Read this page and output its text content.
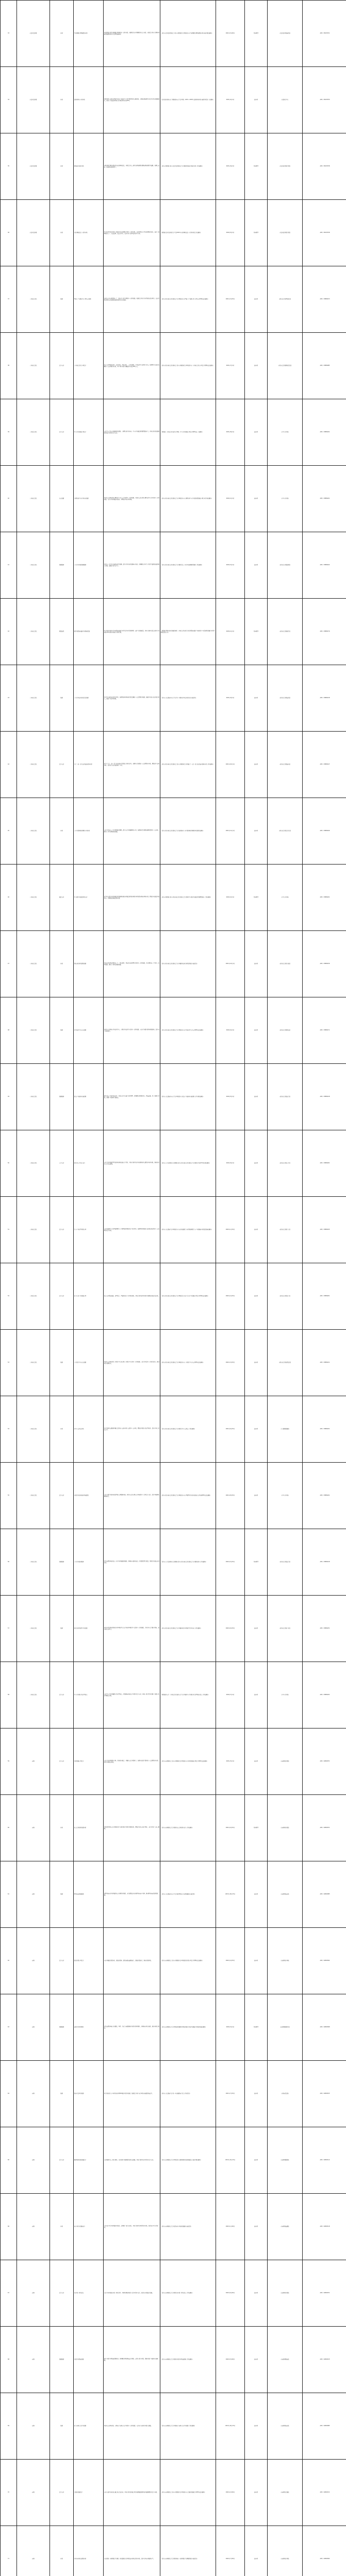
33	市农业农村委	补贴	生猪规模养殖场建设补助	对新建改扩建生猪规模养殖场给予一次性补助，按照设计存栏规模给予每头补助，补助资金用于养殖场基础设施建设和粪污处理设施购置。	《重庆市农业农村委员会 重庆市财政局关于印发重庆市生猪规模养殖场建设补助实施方案的通知》	2021年5月20日	免申即享	市农业农村委畜牧处	（023）89133721
34	市农业农村委	补贴	农机购置与应用补贴	对购置列入补贴范围机具的农户和农业生产经营组织给予定额补贴，补贴标准按照当年机具分档补贴额执行，原则上不超过同类机具市场销售均价的30%。	《农业农村部办公厅 财政部办公厅关于印发〈2021—2023年农机购置补贴实施指导意见〉的通知》	2021年4月1日	依申请	市农机化中心	（023）89133750
35	市农业农村委	补贴	耕地地力保护补贴	补贴对象为拥有耕地承包权的种地农民，补贴资金以二轮承包耕地面积或确权耕地面积为依据，按照每亩统一标准直接发放到户。	《重庆市财政局 重庆市农业农村委员会关于做好耕地地力保护补贴工作的通知》	2021年6月1日	免申即享	市农业农村委计财处	（023）89133728
36	市农业农村委	补贴	实际种粮农民一次性补贴	对实际承担农资价格上涨成本的实际种粮者给予一次性补贴，包括利用自有承包地种粮的农民，流转土地种粮的大户、家庭农场、农民合作社、农业企业等新型农业经营主体。	《财政部 农业农村部关于下达2022年实际种粮农民一次性补贴资金的通知》	2022年5月1日	免申即享	市农业农村委计财处	（023）89133728
37	工业和信息化	奖励	智能工厂和数字化车间认定奖励	对新认定的市级智能工厂、数字化车间分别给予一次性奖励，奖励资金用于企业智能化改造项目，已获得国家级认定的按照就高原则给予补足奖励。	《重庆市经济和信息化委员会关于印发重庆市智能工厂和数字化车间认定管理办法的通知》	2021年3月15日	依申请	市经济信息委智能化处	（023）63899153
38	工业和信息化	资金支持	工业和信息化专项资金	重点支持智能化改造、技术改造、绿色制造、工业互联网、企业技术中心建设等方向，按照项目实际投资额的一定比例给予补助，单个项目补助金额最高不超过500万元。	《重庆市经济和信息化委员会 重庆市财政局关于印发重庆市工业和信息化专项资金管理办法的通知》	2021年7月1日	依申请	市经济信息委规划投资处	（023）63899085
39	工业和信息化	资金支持	中小企业发展专项资金	支持中小企业公共服务体系建设、专精特新企业培育、中小企业融资担保降费奖补等，对符合条件的服务机构和企业给予资金支持。	《财政部 工业和信息化部关于印发〈中小企业发展专项资金管理办法〉的通知》	2021年8月1日	依申请	市中小企业局	（023）63899241
40	工业和信息化	认定奖励	专精特新中小企业培育奖励	对新认定的国家级专精特新“小巨人”企业给予一次性奖励，对新认定的市级专精特新中小企业给予一次性奖励，支持企业开展技术创新、管理提升和市场开拓。	《重庆市经济和信息化委员会关于印发重庆市专精特新中小企业高质量发展专项行动计划的通知》	2022年1月1日	依申请	市中小企业局	（023）63899241
41	工业和信息化	保障服务	工业企业用能保障服务	对重点工业企业实施用电用气保障，建立企业诉求快速响应机制，协调解决企业生产经营中遇到的能源供应问题，保障企业正常生产。	《重庆市经济和信息化委员会关于做好重点工业企业能源要素保障工作的通知》	2022年3月1日	依申请	市经济信息委能源处	（023）63899162
42	工业和信息化	税费减免	软件和集成电路企业税收优惠	符合条件的软件企业和集成电路企业享受企业所得税两免三减半等优惠政策，对符合条件的重点软件企业减按10%的税率征收企业所得税。	《财政部 税务总局 发展改革委 工业和信息化部关于促进集成电路产业和软件产业高质量发展企业所得税政策的公告》	2020年1月1日	免申即享	市经济信息委软件处	（023）63899176
43	工业和信息化	奖励	工业企业技术改造投资奖励	对企业实施的技术改造项目，按照设备购置和软件投资额的一定比例给予奖励，鼓励企业加大技术改造投入，推动产业转型升级。	《重庆市人民政府办公厅关于进一步推动企业技术改造的实施意见》	2021年9月1日	依申请	市经济信息委技改处	（023）63899138
44	工业和信息化	资金支持	首台（套）重大技术装备保险补偿	对生产首台（套）重大技术装备并投保综合险的企业，按照年度保费的一定比例给予补贴，降低用户使用风险，促进重大技术装备推广应用。	《重庆市经济和信息化委员会 重庆市财政局关于开展首台（套）重大技术装备保险补偿工作的通知》	2021年10月1日	依申请	市经济信息委装备处	（023）63899147
45	工业和信息化	补贴	工业互联网标识解析应用补贴	支持企业接入工业互联网标识解析二级节点并开展规模化应用，按照标识注册量和解析量给予一定补贴，推动工业互联网创新发展。	《重庆市经济和信息化委员会关于加快推动工业互联网标识解析体系建设的通知》	2021年11月1日	依申请	市经济信息委信息化处	（023）63899166
46	工业和信息化	融资支持	中小微企业融资担保支持	对为中小微企业提供融资担保服务的政府性融资担保机构给予担保费补贴和风险补偿，降低企业融资担保费率，缓解融资难融资贵问题。	《重庆市财政局 重庆市经济和信息化委员会关于做好中小微企业融资担保降费奖补工作的通知》	2022年2月1日	免申即享	市中小企业局	（023）63899241
47	工业和信息化	补贴	绿色制造体系建设奖励	对新获评的国家级绿色工厂、绿色园区、绿色供应链管理企业给予一次性奖励，对市级绿色工厂给予一次性奖励，推动工业绿色低碳发展。	《重庆市经济和信息化委员会关于开展绿色制造体系建设的实施意见》	2021年12月1日	依申请	市经济信息委节能处	（023）63899156
48	工业和信息化	奖励	企业技术中心认定奖励	对新认定的国家企业技术中心、市级企业技术中心给予一次性奖励，支持企业建立健全研发机构，提升自主创新能力。	《重庆市经济和信息化委员会关于印发重庆市企业技术中心认定管理办法的通知》	2022年4月1日	依申请	市经济信息委科技处	（023）63899171
49	工业和信息化	保障服务	重点产业链供应链保障	建立重点产业链“链长制”，对重点企业实施白名单管理，协调解决原材料供应、物流运输、用工保障等问题，保障产业链供应链稳定。	《重庆市人民政府办公厅关于印发重庆市重点产业链供应链保障工作方案的通知》	2022年5月1日	依申请	市经济信息委运行处	（023）63899128
50	工业和信息化	人才支持	制造业人才培养支持	支持企业开展新型学徒制培训和技能人才评价，对符合条件的企业按照培训人数给予培训补贴，推动制造业人才队伍建设。	《重庆市人力资源和社会保障局 重庆市经济和信息化委员会关于推进企业新型学徒制的通知》	2022年6月1日	依申请	市经济信息委人才处	（023）63899181
51	工业和信息化	资金支持	汽车产业转型升级专项	支持新能源汽车和智能网联汽车关键零部件研发及产业化项目，按照项目研发投入和设备投资给予一定比例的资金补助。	《重庆市人民政府关于印发重庆市支持新能源汽车和智能网联汽车产业发展若干政策措施的通知》	2022年1月15日	依申请	市经济信息委汽车处	（023）63899195
52	工业和信息化	资金支持	电子信息产业发展专项	重点支持集成电路、新型显示、智能终端等产业项目建设，对符合条件的项目给予贷款贴息和投资补助。	《重庆市经济和信息化委员会关于印发重庆市电子信息产业发展专项资金管理办法的通知》	2022年2月15日	依申请	市经济信息委电子处	（023）63899201
53	工业和信息化	奖励	工业设计中心认定奖励	对新认定的国家级工业设计中心和市级工业设计中心给予一次性奖励，支持企业提升工业设计能力，推动设计成果转化。	《重庆市经济和信息化委员会关于印发重庆市工业设计中心认定管理办法的通知》	2022年3月15日	依申请	市经济信息委消费品处	（023）63899211
54	工业和信息化	补贴	企业上云用云补贴	对企业购买云服务开展信息系统上云和业务上云给予一定补贴，降低企业数字化转型成本，提升企业信息化水平。	《重庆市经济和信息化委员会关于推进企业上云用云工作的通知》	2021年6月15日	依申请	市大数据发展局	（023）63899221
55	工业和信息化	资金支持	小微企业创业创新基地建设	支持小微企业创业创新基地完善服务功能，对经认定的市级示范基地给予一次性资金支持，提升基地孵化服务能力。	《重庆市经济和信息化委员会关于印发重庆市小型微型企业创业创新示范基地管理办法的通知》	2021年8月15日	依申请	市中小企业局	（023）63899241
56	工业和信息化	保障服务	工业企业稳岗服务	对受疫情影响的重点工业企业开展稳岗服务，协调落实稳岗返还、社保费缓缴等政策，帮助企业稳定就业岗位。	《重庆市人力资源和社会保障局 重庆市经济和信息化委员会关于做好稳岗工作的通知》	2022年5月15日	免申即享	市经济信息委运行处	（023）63899128
57	工业和信息化	奖励	制造业单项冠军企业奖励	对新获评的国家级制造业单项冠军示范企业和单项冠军产品给予一次性奖励，引导企业专注细分领域，提升核心竞争力。	《重庆市经济和信息化委员会关于开展制造业单项冠军企业培育工作的通知》	2022年6月15日	依申请	市经济信息委产业处	（023）63899231
58	工业和信息化	资金支持	中小企业数字化转型试点	支持中小企业开展数字化转型试点，对服务商和试点企业给予资金支持，形成一批可复制可推广的数字化转型解决方案。	《财政部办公厅 工业和信息化部办公厅关于开展中小企业数字化转型城市试点工作的通知》	2022年7月1日	依申请	市中小企业局	（023）63899241
59	商务	资金支持	外贸发展专项资金	支持企业开拓国际市场、参加境外展会、开展出口信用保险等，按照实际发生费用的一定比例给予补助，促进外贸稳定增长。	《重庆市商务委员会 重庆市财政局关于印发重庆市外经贸发展专项资金管理办法的通知》	2021年5月1日	依申请	市商务委外贸处	（023）62663071
60	商务	补贴	出口信用保险保费补贴	对投保短期出口信用保险的中小微外贸企业给予保费补贴，降低企业出口收汇风险，支持企业扩大出口规模。	《重庆市商务委员会关于做好出口信用保险支持工作的通知》	2021年9月15日	免申即享	市商务委外贸处	（023）62663071
61	商务	奖励	跨境电商发展奖励	对跨境电商企业开展进出口业务给予奖励，支持建设海外仓和跨境电商产业园，推动跨境电商高质量发展。	《重庆市人民政府办公厅关于加快跨境电子商务发展的实施意见》	2021年10月15日	依申请	市商务委电商处	（023）62663085
62	商务	资金支持	促进消费专项资金	支持开展促消费活动、发放消费券、建设商贸流通设施等，激发消费潜力，推动消费升级。	《重庆市商务委员会 重庆市财政局关于印发促进消费专项资金管理办法的通知》	2022年4月15日	依申请	市商务委市场处	（023）62663092
63	商务	保障服务	商贸企业纾困帮扶	对受疫情影响较大的餐饮、零售、住宿等商贸服务企业给予纾困帮扶，协调落实租金减免、稳岗补贴等政策。	《重庆市商务委员会关于印发促进服务业领域困难行业恢复发展若干政策措施的通知》	2022年3月1日	免申即享	市商务委服务业处	（023）62663098
64	商务	奖励	招商引资项目奖励	对引进的重大产业项目和世界500强企业给予奖励，奖励资金用于支持项目落地建设和运营。	《重庆市人民政府关于进一步加强招商引资工作的意见》	2021年7月15日	依申请	市招商投资局	（023）62663105
65	商务	资金支持	服务贸易创新发展资金	支持服务外包、数字贸易、文化贸易等服务贸易新业态发展，对符合条件的企业给予资金支持。	《重庆市商务委员会关于印发重庆市服务贸易创新发展试点实施方案的通知》	2021年11月15日	依申请	市商务委服贸处	（023）62663112
66	商务	补贴	老字号企业发展支持	支持老字号企业开展传承创新、品牌推广和门店改造，对符合条件的项目给予补贴，促进老字号守正创新。	《重庆市商务委员会关于促进老字号创新发展的实施意见》	2022年1月20日	依申请	市商务委流通处	（023）62663118
67	商务	资金支持	内外贸一体化试点	支持企业开展内外贸一体化经营，对同线同标同质产品企业给予支持，促进内外贸融合发展。	《重庆市商务委员会关于推进内外贸一体化试点工作的通知》	2022年6月20日	依申请	市商务委外贸处	（023）62663071
68	商务	保障服务	外贸企业物流保障	建立外贸企业物流保障机制，协调解决国际物流运力紧张、运费上涨等问题，保障外贸产业链供应链畅通。	《重庆市商务委员会关于做好外贸企业物流保障工作的通知》	2022年5月20日	依申请	市商务委物流处	（023）62663125
69	商务	奖励	电子商务示范企业奖励	对新认定的国家级、市级电子商务示范企业给予一次性奖励，支持电子商务企业做大做强。	《重庆市商务委员会关于开展电子商务示范企业创建工作的通知》	2021年12月15日	依申请	市商务委电商处	（023）62663085
70	商务	资金支持	会展业发展资金	支持在渝举办的重点展会和会议活动，对符合条件的展会项目按照展览面积和参展规模给予资金补助。	《重庆市商务委员会 重庆市财政局关于印发重庆市会展业发展资金管理办法的通知》	2022年2月20日	依申请	市商务委会展处	（023）62663131
71	商务	补贴	社区商业网点建设补贴	支持建设一刻钟便民生活圈，对新建改造社区便民商业网点给予补贴，提升社区商业服务水平。	《重庆市商务委员会关于推进城市一刻钟便民生活圈建设的实施意见》	2022年7月20日	依申请	市商务委市场处	（023）62663092
